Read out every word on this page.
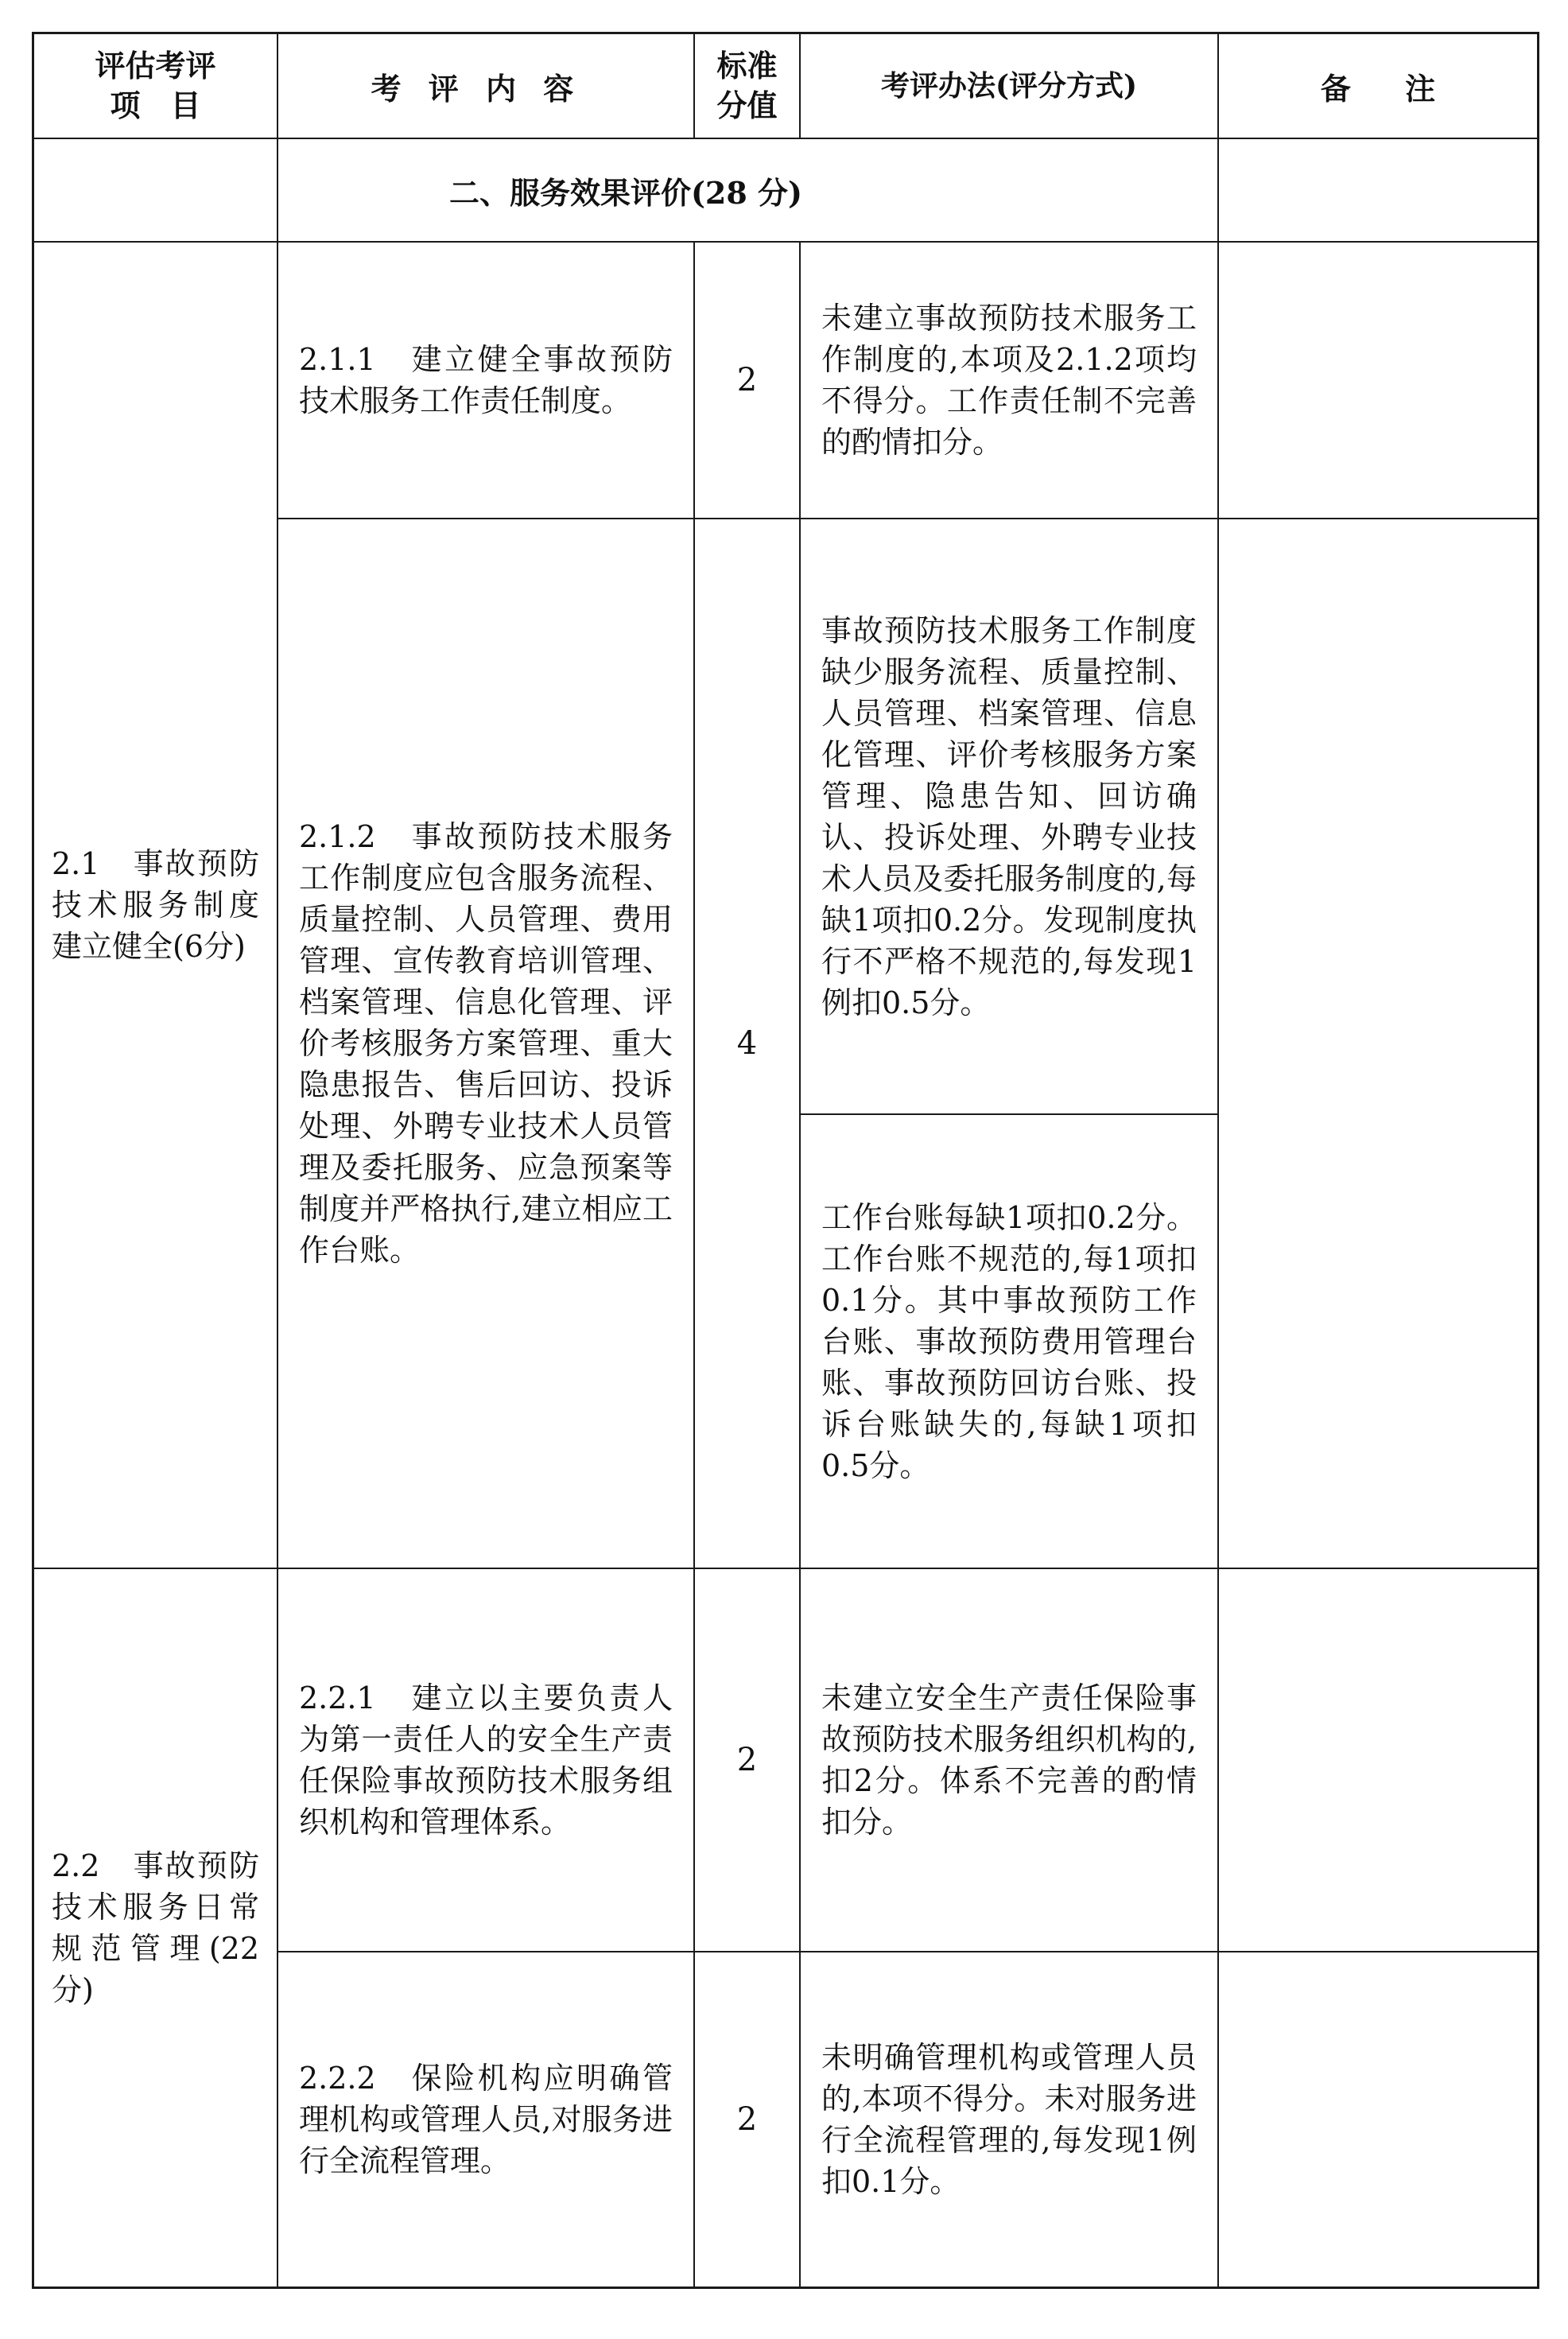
评估考评
项　目	考评内容
标准
分值
考评办法(评分方式)	备注
二、服务效果评价(28 分)
2.1　事故预防技术服务制度建立健全(6分)
2.1.1　建立健全事故预防技术服务工作责任制度。
2
未建立事故预防技术服务工作制度的,本项及2.1.2项均不得分。工作责任制不完善的酌情扣分。
2.1.2　事故预防技术服务工作制度应包含服务流程、质量控制、人员管理、费用管理、宣传教育培训管理、档案管理、信息化管理、评价考核服务方案管理、重大隐患报告、售后回访、投诉处理、外聘专业技术人员管理及委托服务、应急预案等制度并严格执行,建立相应工作台账。
4
事故预防技术服务工作制度缺少服务流程、质量控制、人员管理、档案管理、信息化管理、评价考核服务方案管理、隐患告知、回访确认、投诉处理、外聘专业技术人员及委托服务制度的,每缺1项扣0.2分。发现制度执行不严格不规范的,每发现1例扣0.5分。
工作台账每缺1项扣0.2分。工作台账不规范的,每1项扣0.1分。其中事故预防工作台账、事故预防费用管理台账、事故预防回访台账、投诉台账缺失的,每缺1项扣0.5分。
2.2　事故预防技术服务日常规范管理(22分)
2.2.1　建立以主要负责人为第一责任人的安全生产责任保险事故预防技术服务组织机构和管理体系。
2
未建立安全生产责任保险事故预防技术服务组织机构的,扣2分。体系不完善的酌情扣分。
2.2.2　保险机构应明确管理机构或管理人员,对服务进行全流程管理。
2
未明确管理机构或管理人员的,本项不得分。未对服务进行全流程管理的,每发现1例扣0.1分。
